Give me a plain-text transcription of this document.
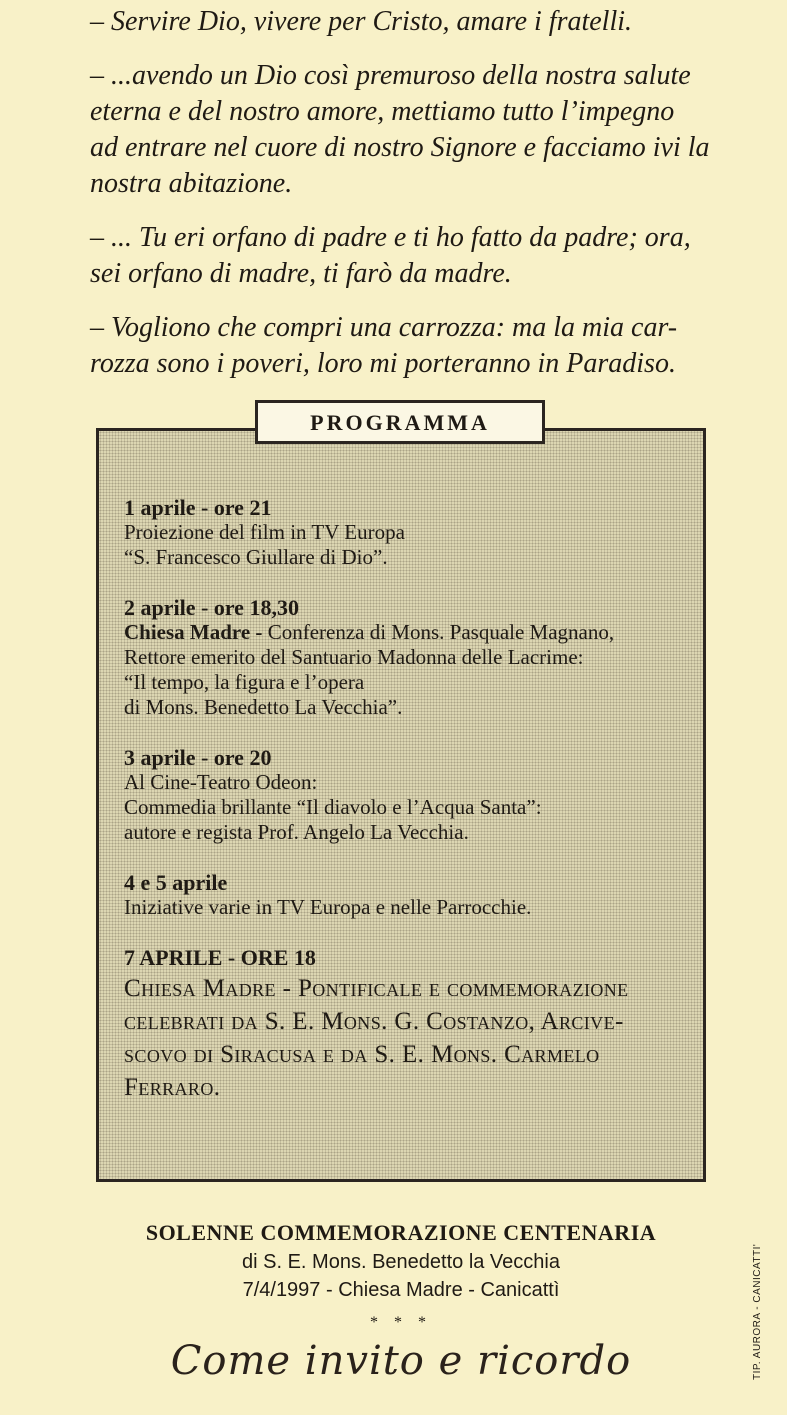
– Servire Dio, vivere per Cristo, amare i fratelli.

– ...avendo un Dio così premuroso della nostra salute
eterna e del nostro amore, mettiamo tutto l’impegno
ad entrare nel cuore di nostro Signore e facciamo ivi la
nostra abitazione.

– ... Tu eri orfano di padre e ti ho fatto da padre; ora,
sei orfano di madre, ti farò da madre.

– Vogliono che compri una carrozza: ma la mia car-
rozza sono i poveri, loro mi porteranno in Paradiso.

1 aprile - ore 21
Proiezione del film in TV Europa
“S. Francesco Giullare di Dio”.
2 aprile - ore 18,30
Chiesa Madre - Conferenza di Mons. Pasquale Magnano,
Rettore emerito del Santuario Madonna delle Lacrime:
“Il tempo, la figura e l’opera
di Mons. Benedetto La Vecchia”.
3 aprile - ore 20
Al Cine-Teatro Odeon:
Commedia brillante “Il diavolo e l’Acqua Santa”:
autore e regista Prof. Angelo La Vecchia.
4 e 5 aprile
Iniziative varie in TV Europa e nelle Parrocchie.
7 APRILE - ORE 18
Chiesa Madre - Pontificale e commemorazione
celebrati da S. E. Mons. G. Costanzo, Arcive-
scovo di Siracusa e da S. E. Mons. Carmelo
Ferraro.
PROGRAMMA
SOLENNE COMMEMORAZIONE CENTENARIA
di S. E. Mons. Benedetto la Vecchia
7/4/1997 - Chiesa Madre - Canicattì
* * *
Come invito e ricordo	TIP. AURORA - CANICATTI'
